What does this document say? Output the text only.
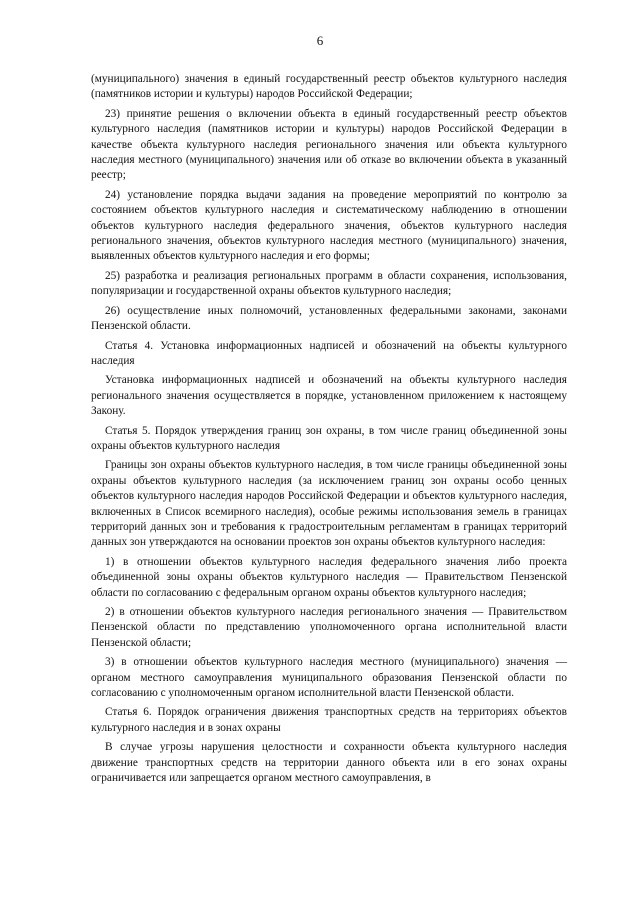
6

(муниципального) значения в единый государственный реестр объектов культурного наследия (памятников истории и культуры) народов Российской Федерации;

23) принятие решения о включении объекта в единый государственный реестр объектов культурного наследия (памятников истории и культуры) народов Российской Федерации в качестве объекта культурного наследия регионального значения или объекта культурного наследия местного (муниципального) значения или об отказе во включении объекта в указанный реестр;

24) установление порядка выдачи задания на проведение мероприятий по контролю за состоянием объектов культурного наследия и систематическому наблюдению в отношении объектов культурного наследия федерального значения, объектов культурного наследия регионального значения, объектов культурного наследия местного (муниципального) значения, выявленных объектов культурного наследия и его формы;

25) разработка и реализация региональных программ в области сохранения, использования, популяризации и государственной охраны объектов культурного наследия;

26) осуществление иных полномочий, установленных федеральными законами, законами Пензенской области.

Статья 4. Установка информационных надписей и обозначений на объекты культурного наследия

Установка информационных надписей и обозначений на объекты культурного наследия регионального значения осуществляется в порядке, установленном приложением к настоящему Закону.

Статья 5. Порядок утверждения границ зон охраны, в том числе границ объединенной зоны охраны объектов культурного наследия

Границы зон охраны объектов культурного наследия, в том числе границы объединенной зоны охраны объектов культурного наследия (за исключением границ зон охраны особо ценных объектов культурного наследия народов Российской Федерации и объектов культурного наследия, включенных в Список всемирного наследия), особые режимы использования земель в границах территорий данных зон и требования к градостроительным регламентам в границах территорий данных зон утверждаются на основании проектов зон охраны объектов культурного наследия:

1) в отношении объектов культурного наследия федерального значения либо проекта объединенной зоны охраны объектов культурного наследия — Правительством Пензенской области по согласованию с федеральным органом охраны объектов культурного наследия;

2) в отношении объектов культурного наследия регионального значения — Правительством Пензенской области по представлению уполномоченного органа исполнительной власти Пензенской области;

3) в отношении объектов культурного наследия местного (муниципального) значения — органом местного самоуправления муниципального образования Пензенской области по согласованию с уполномоченным органом исполнительной власти Пензенской области.

Статья 6. Порядок ограничения движения транспортных средств на территориях объектов культурного наследия и в зонах охраны

В случае угрозы нарушения целостности и сохранности объекта культурного наследия движение транспортных средств на территории данного объекта или в его зонах охраны ограничивается или запрещается органом местного самоуправления, в
